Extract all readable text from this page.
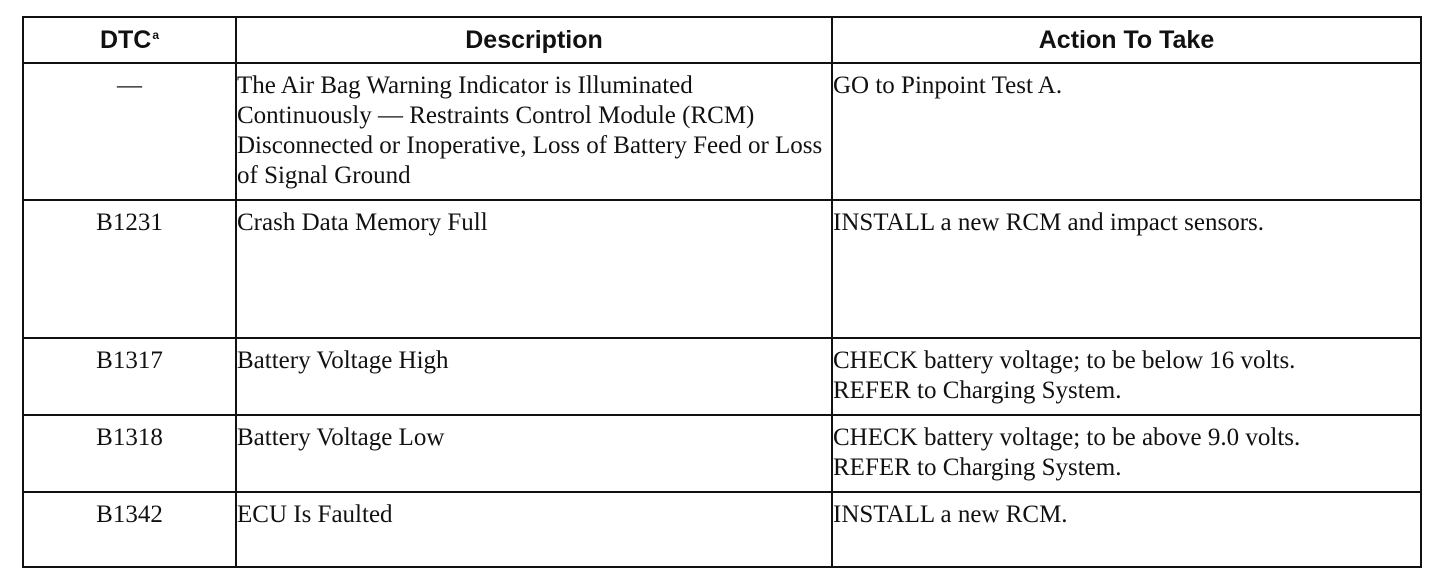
DTC$^a$	Description	Action To Take
—	The Air Bag Warning Indicator is Illuminated Continuously — Restraints Control Module (RCM) Disconnected or Inoperative, Loss of Battery Feed or Loss of Signal Ground	GO to Pinpoint Test A.

B1231	Crash Data Memory Full	INSTALL a new RCM and impact sensors.

B1317	Battery Voltage High	CHECK battery voltage; to be below 16 volts.
REFER to Charging System.

B1318	Battery Voltage Low	CHECK battery voltage; to be above 9.0 volts.
REFER to Charging System.

B1342	ECU Is Faulted	INSTALL a new RCM.
